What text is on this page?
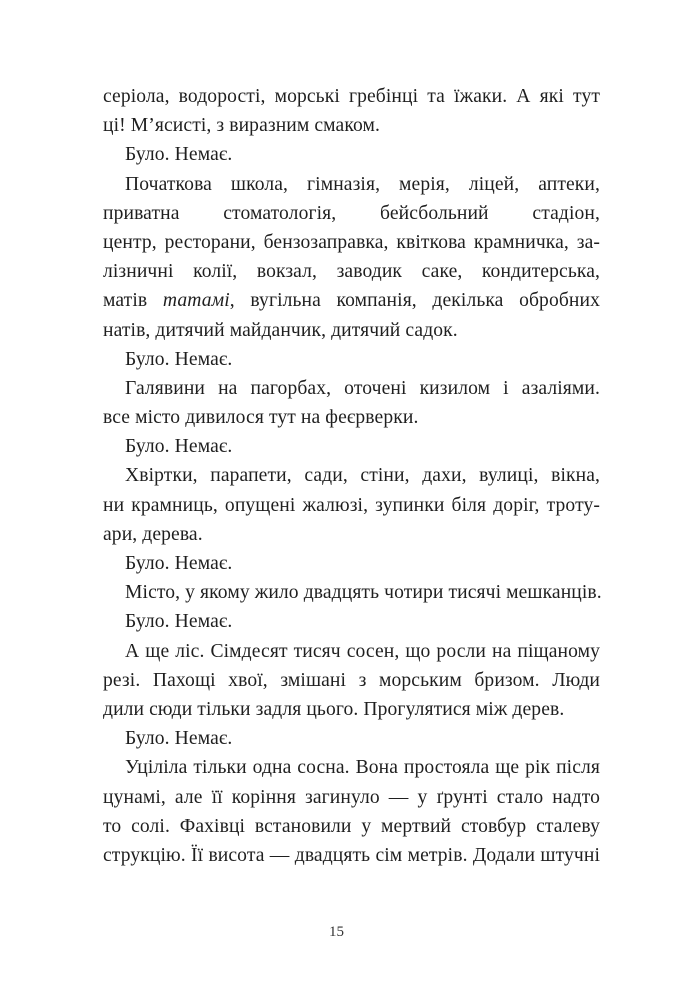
сеpіола, водорості, морські гребінці та їжаки. А які тут
ці! М’ясисті, з виразним смаком.
Було. Немає.
Початкова школа, гімназія, мерія, ліцей, аптеки,
приватна стоматологія, бейсбольний стадіон,
центр, ресторани, бензозаправка, квіткова крамничка, за-
лізничні колії, вокзал, заводик саке, кондитерська,
матів татамі, вугільна компанія, декілька обробних
натів, дитячий майданчик, дитячий садок.
Було. Немає.
Галявини на пагорбах, оточені кизилом і азаліями.
все місто дивилося тут на феєрверки.
Було. Немає.
Хвіртки, парапети, сади, стіни, дахи, вулиці, вікна,
ни крамниць, опущені жалюзі, зупинки біля доріг, троту-
ари, дерева.
Було. Немає.
Місто, у якому жило двадцять чотири тисячі мешканців.
Було. Немає.
А ще ліс. Сімдесят тисяч сосен, що росли на піщаному
резі. Пахощі хвої, змішані з морським бризом. Люди
дили сюди тільки задля цього. Прогулятися між дерев.
Було. Немає.
Уціліла тільки одна сосна. Вона простояла ще рік після
цунамі, але її коріння загинуло — у ґрунті стало надто
то солі. Фахівці встановили у мертвий стовбур сталеву
струкцію. Її висота — двадцять сім метрів. Додали штучні
15
